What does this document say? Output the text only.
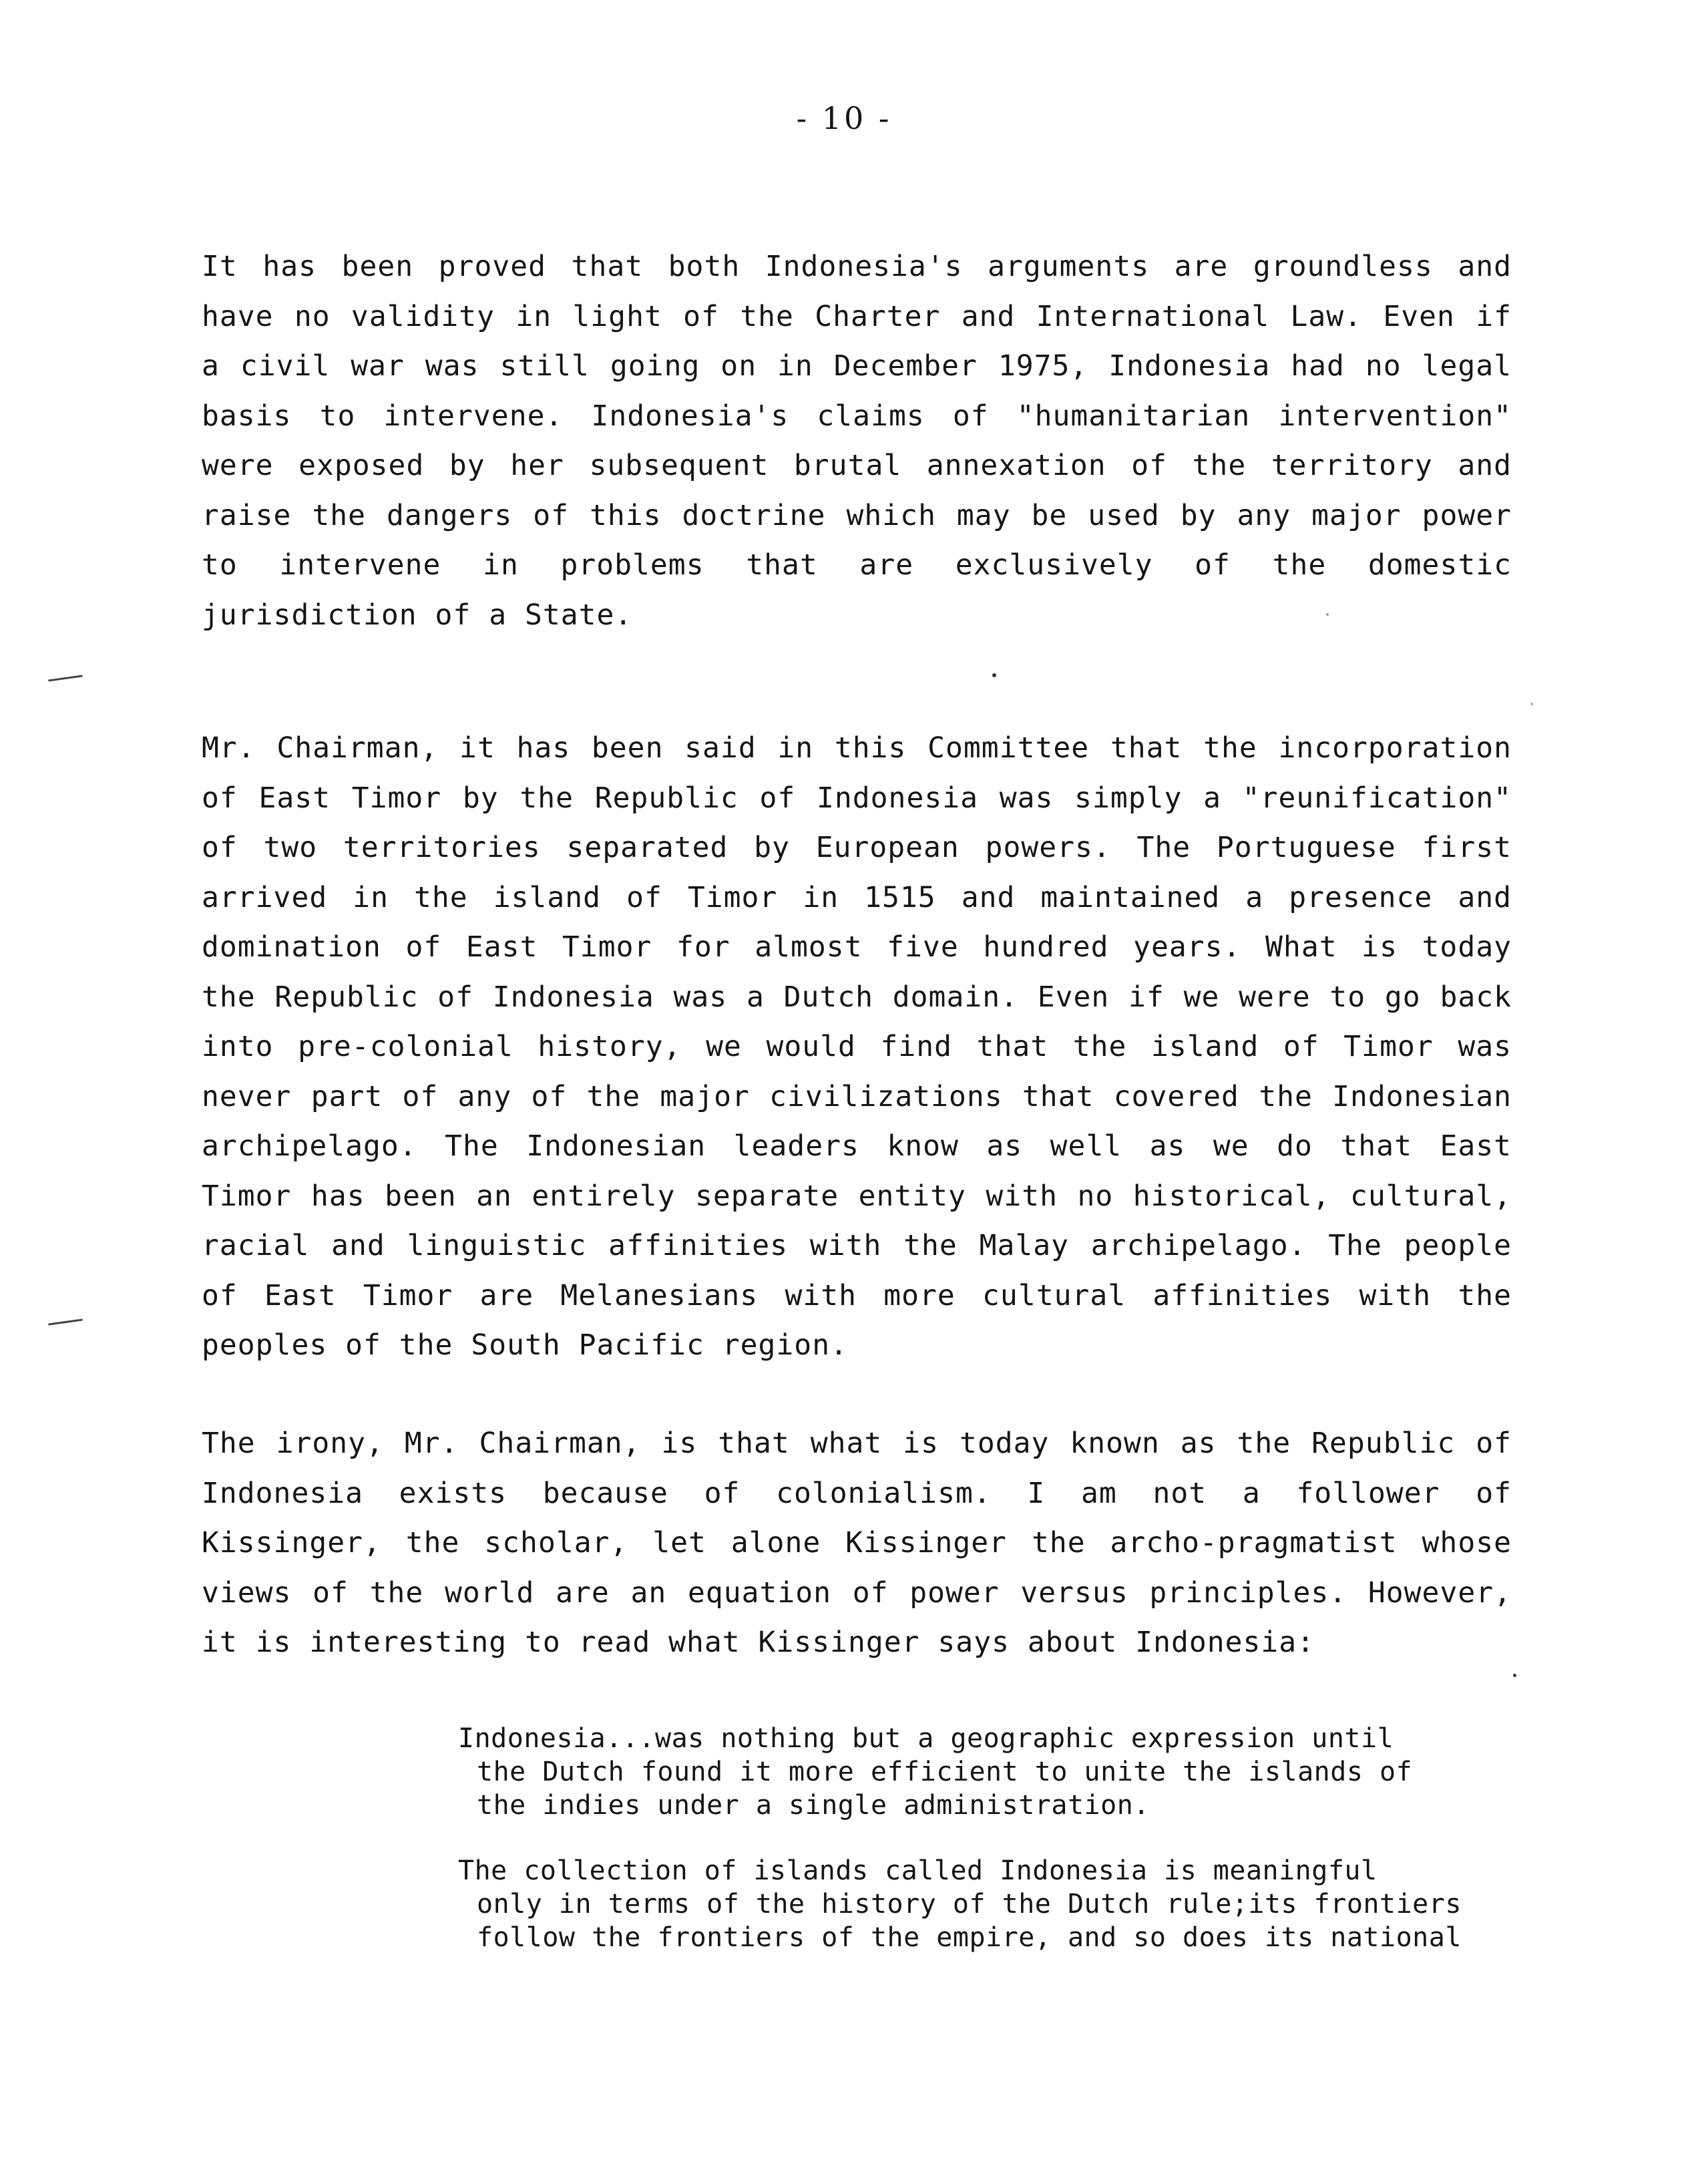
- 10 -
It has been proved that both Indonesia's arguments are groundless and have no validity in light of the Charter and International Law. Even if a civil war was still going on in December 1975, Indonesia had no legal basis to intervene. Indonesia's claims of "humanitarian intervention" were exposed by her subsequent brutal annexation of the territory and raise the dangers of this doctrine which may be used by any major power to intervene in problems that are exclusively of the domestic jurisdiction of a State.
Mr. Chairman, it has been said in this Committee that the incorporation of East Timor by the Republic of Indonesia was simply a "reunification" of two territories separated by European powers. The Portuguese first arrived in the island of Timor in 1515 and maintained a presence and domination of East Timor for almost five hundred years. What is today the Republic of Indonesia was a Dutch domain. Even if we were to go back into pre-colonial history, we would find that the island of Timor was never part of any of the major civilizations that covered the Indonesian archipelago. The Indonesian leaders know as well as we do that East Timor has been an entirely separate entity with no historical, cultural, racial and linguistic affinities with the Malay archipelago. The people of East Timor are Melanesians with more cultural affinities with the peoples of the South Pacific region.
The irony, Mr. Chairman, is that what is today known as the Republic of Indonesia exists because of colonialism. I am not a follower of Kissinger, the scholar, let alone Kissinger the archo-pragmatist whose views of the world are an equation of power versus principles. However, it is interesting to read what Kissinger says about Indonesia:
Indonesia...was nothing but a geographic expression until
the Dutch found it more efficient to unite the islands of
the indies under a single administration.
The collection of islands called Indonesia is meaningful
only in terms of the history of the Dutch rule;its frontiers
follow the frontiers of the empire, and so does its national
